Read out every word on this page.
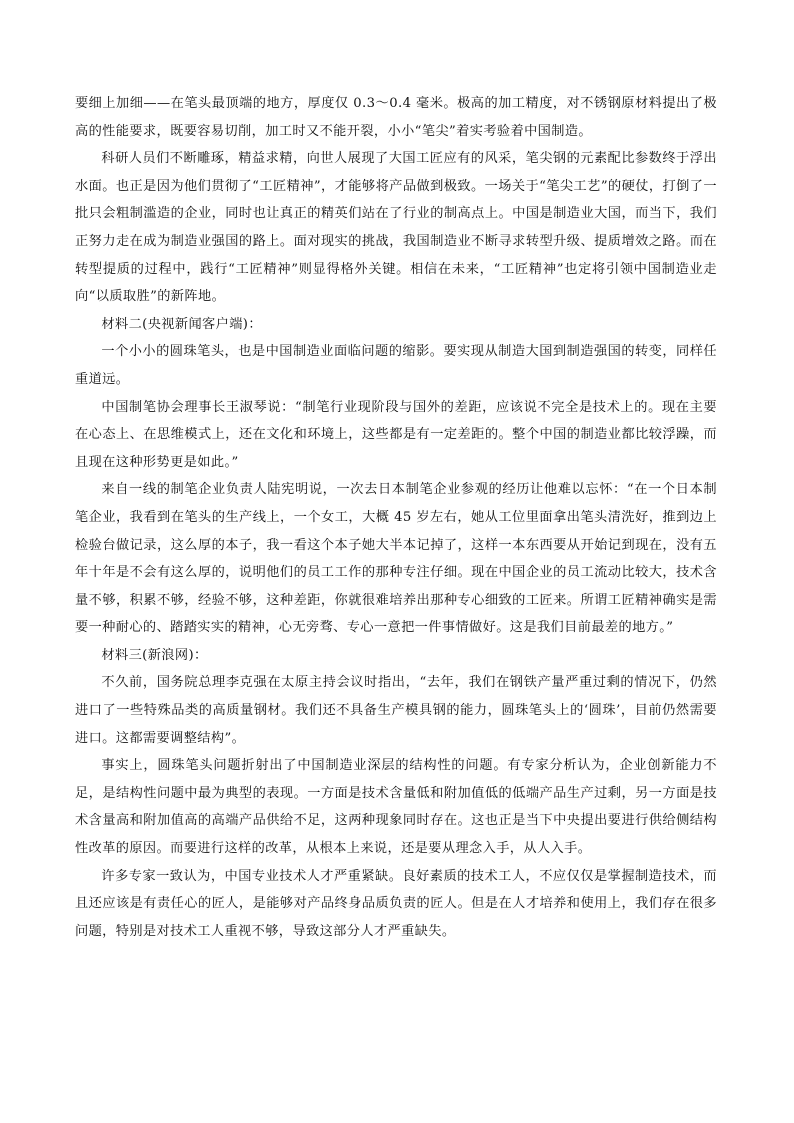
要细上加细——在笔头最顶端的地方，厚度仅 0.3～0.4 毫米。极高的加工精度，对不锈钢原材料提出了极高的性能要求，既要容易切削，加工时又不能开裂，小小“笔尖”着实考验着中国制造。

科研人员们不断雕琢，精益求精，向世人展现了大国工匠应有的风采，笔尖钢的元素配比参数终于浮出水面。也正是因为他们贯彻了“工匠精神”，才能够将产品做到极致。一场关于“笔尖工艺”的硬仗，打倒了一批只会粗制滥造的企业，同时也让真正的精英们站在了行业的制高点上。中国是制造业大国，而当下，我们正努力走在成为制造业强国的路上。面对现实的挑战，我国制造业不断寻求转型升级、提质增效之路。而在转型提质的过程中，践行“工匠精神”则显得格外关键。相信在未来，“工匠精神”也定将引领中国制造业走向“以质取胜”的新阵地。

材料二(央视新闻客户端)：

一个小小的圆珠笔头，也是中国制造业面临问题的缩影。要实现从制造大国到制造强国的转变，同样任重道远。

中国制笔协会理事长王淑琴说：“制笔行业现阶段与国外的差距，应该说不完全是技术上的。现在主要在心态上、在思维模式上，还在文化和环境上，这些都是有一定差距的。整个中国的制造业都比较浮躁，而且现在这种形势更是如此。”

来自一线的制笔企业负责人陆宪明说，一次去日本制笔企业参观的经历让他难以忘怀：“在一个日本制笔企业，我看到在笔头的生产线上，一个女工，大概 45 岁左右，她从工位里面拿出笔头清洗好，推到边上检验台做记录，这么厚的本子，我一看这个本子她大半本记掉了，这样一本东西要从开始记到现在，没有五年十年是不会有这么厚的，说明他们的员工工作的那种专注仔细。现在中国企业的员工流动比较大，技术含量不够，积累不够，经验不够，这种差距，你就很难培养出那种专心细致的工匠来。所谓工匠精神确实是需要一种耐心的、踏踏实实的精神，心无旁骛、专心一意把一件事情做好。这是我们目前最差的地方。”

材料三(新浪网)：

不久前，国务院总理李克强在太原主持会议时指出，“去年，我们在钢铁产量严重过剩的情况下，仍然进口了一些特殊品类的高质量钢材。我们还不具备生产模具钢的能力，圆珠笔头上的‘圆珠’，目前仍然需要进口。这都需要调整结构”。

事实上，圆珠笔头问题折射出了中国制造业深层的结构性的问题。有专家分析认为，企业创新能力不足，是结构性问题中最为典型的表现。一方面是技术含量低和附加值低的低端产品生产过剩，另一方面是技术含量高和附加值高的高端产品供给不足，这两种现象同时存在。这也正是当下中央提出要进行供给侧结构性改革的原因。而要进行这样的改革，从根本上来说，还是要从理念入手，从人入手。

许多专家一致认为，中国专业技术人才严重紧缺。良好素质的技术工人，不应仅仅是掌握制造技术，而且还应该是有责任心的匠人，是能够对产品终身品质负责的匠人。但是在人才培养和使用上，我们存在很多问题，特别是对技术工人重视不够，导致这部分人才严重缺失。
